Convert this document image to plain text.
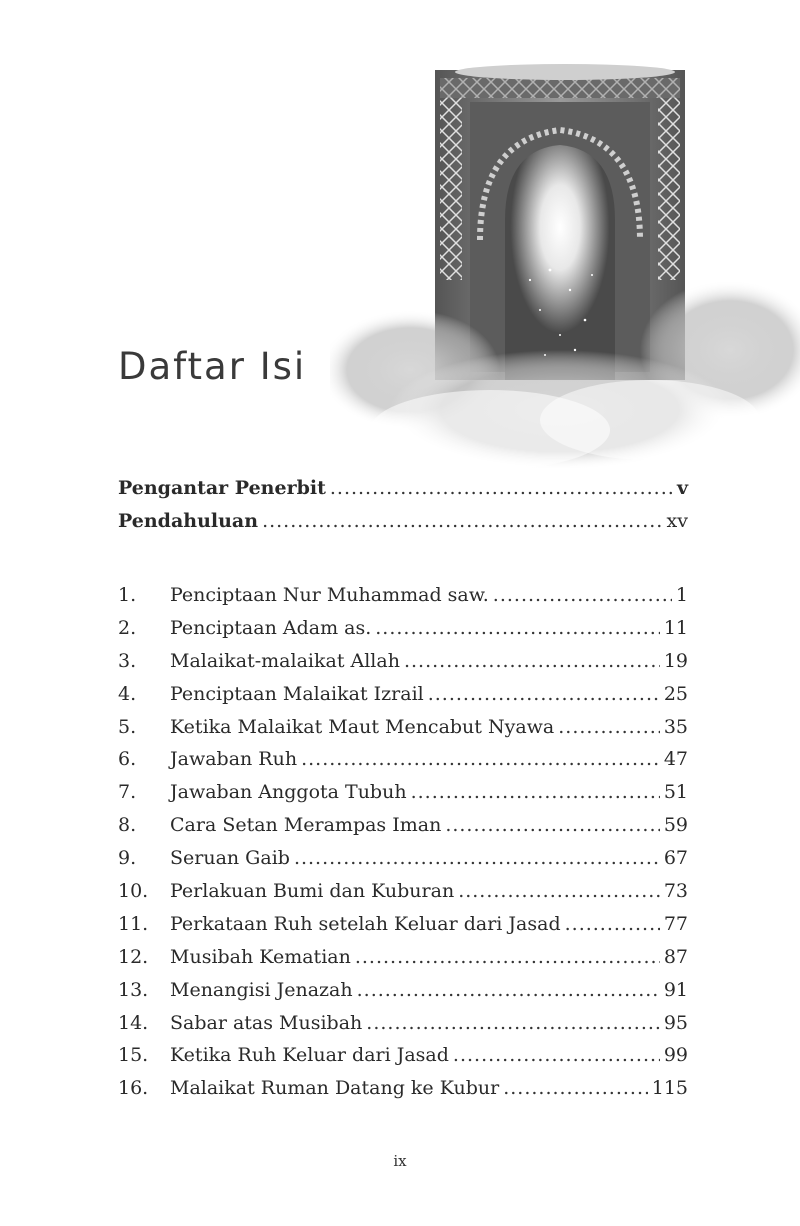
Daftar Isi
Pengantar Penerbit .....	v
Pendahuluan .....	xv
1.	Penciptaan Nur Muhammad saw. .....	1
2.	Penciptaan Adam as. .....	11
3.	Malaikat-malaikat Allah .....	19
4.	Penciptaan Malaikat Izrail .....	25
5.	Ketika Malaikat Maut Mencabut Nyawa .....	35
6.	Jawaban Ruh .....	47
7.	Jawaban Anggota Tubuh .....	51
8.	Cara Setan Merampas Iman .....	59
9.	Seruan Gaib .....	67
10.	Perlakuan Bumi dan Kuburan .....	73
11.	Perkataan Ruh setelah Keluar dari Jasad .....	77
12.	Musibah Kematian .....	87
13.	Menangisi Jenazah .....	91
14.	Sabar atas Musibah .....	95
15.	Ketika Ruh Keluar dari Jasad .....	99
16.	Malaikat Ruman Datang ke Kubur .....	115
ix
